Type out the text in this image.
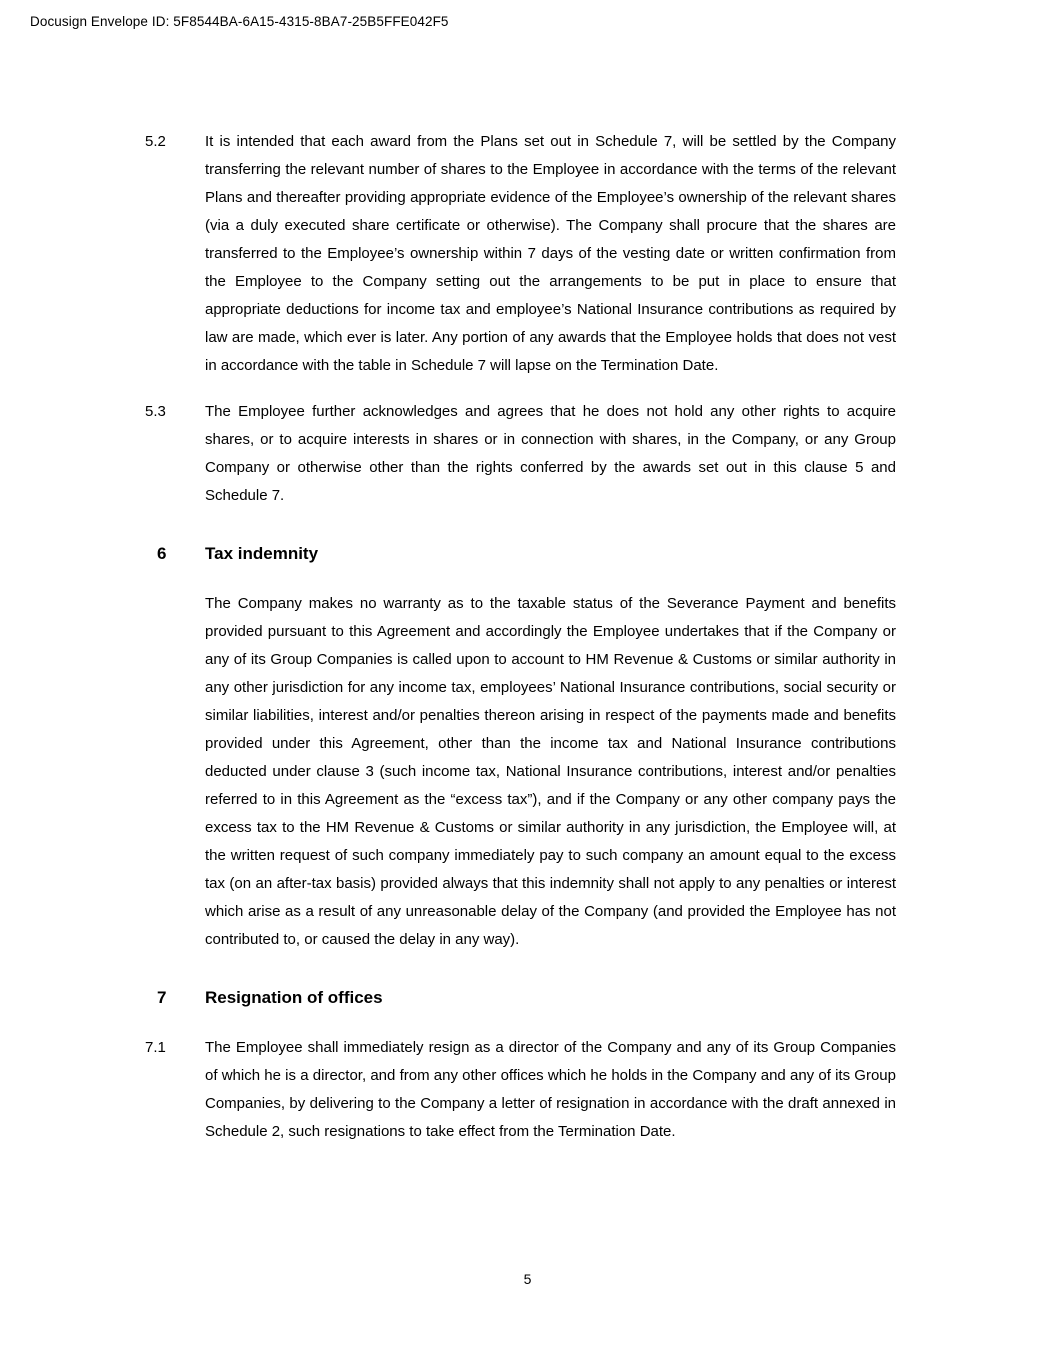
Docusign Envelope ID: 5F8544BA-6A15-4315-8BA7-25B5FFE042F5
5.2	It is intended that each award from the Plans set out in Schedule 7, will be settled by the Company transferring the relevant number of shares to the Employee in accordance with the terms of the relevant Plans and thereafter providing appropriate evidence of the Employee’s ownership of the relevant shares (via a duly executed share certificate or otherwise). The Company shall procure that the shares are transferred to the Employee’s ownership within 7 days of the vesting date or written confirmation from the Employee to the Company setting out the arrangements to be put in place to ensure that appropriate deductions for income tax and employee’s National Insurance contributions as required by law are made, which ever is later. Any portion of any awards that the Employee holds that does not vest in accordance with the table in Schedule 7 will lapse on the Termination Date.
5.3	The Employee further acknowledges and agrees that he does not hold any other rights to acquire shares, or to acquire interests in shares or in connection with shares, in the Company, or any Group Company or otherwise other than the rights conferred by the awards set out in this clause 5 and Schedule 7.
6	Tax indemnity
The Company makes no warranty as to the taxable status of the Severance Payment and benefits provided pursuant to this Agreement and accordingly the Employee undertakes that if the Company or any of its Group Companies is called upon to account to HM Revenue & Customs or similar authority in any other jurisdiction for any income tax, employees’ National Insurance contributions, social security or similar liabilities, interest and/or penalties thereon arising in respect of the payments made and benefits provided under this Agreement, other than the income tax and National Insurance contributions deducted under clause 3 (such income tax, National Insurance contributions, interest and/or penalties referred to in this Agreement as the “excess tax”), and if the Company or any other company pays the excess tax to the HM Revenue & Customs or similar authority in any jurisdiction, the Employee will, at the written request of such company immediately pay to such company an amount equal to the excess tax (on an after-tax basis) provided always that this indemnity shall not apply to any penalties or interest which arise as a result of any unreasonable delay of the Company (and provided the Employee has not contributed to, or caused the delay in any way).
7	Resignation of offices
7.1	The Employee shall immediately resign as a director of the Company and any of its Group Companies of which he is a director, and from any other offices which he holds in the Company and any of its Group Companies, by delivering to the Company a letter of resignation in accordance with the draft annexed in Schedule 2, such resignations to take effect from the Termination Date.
5
